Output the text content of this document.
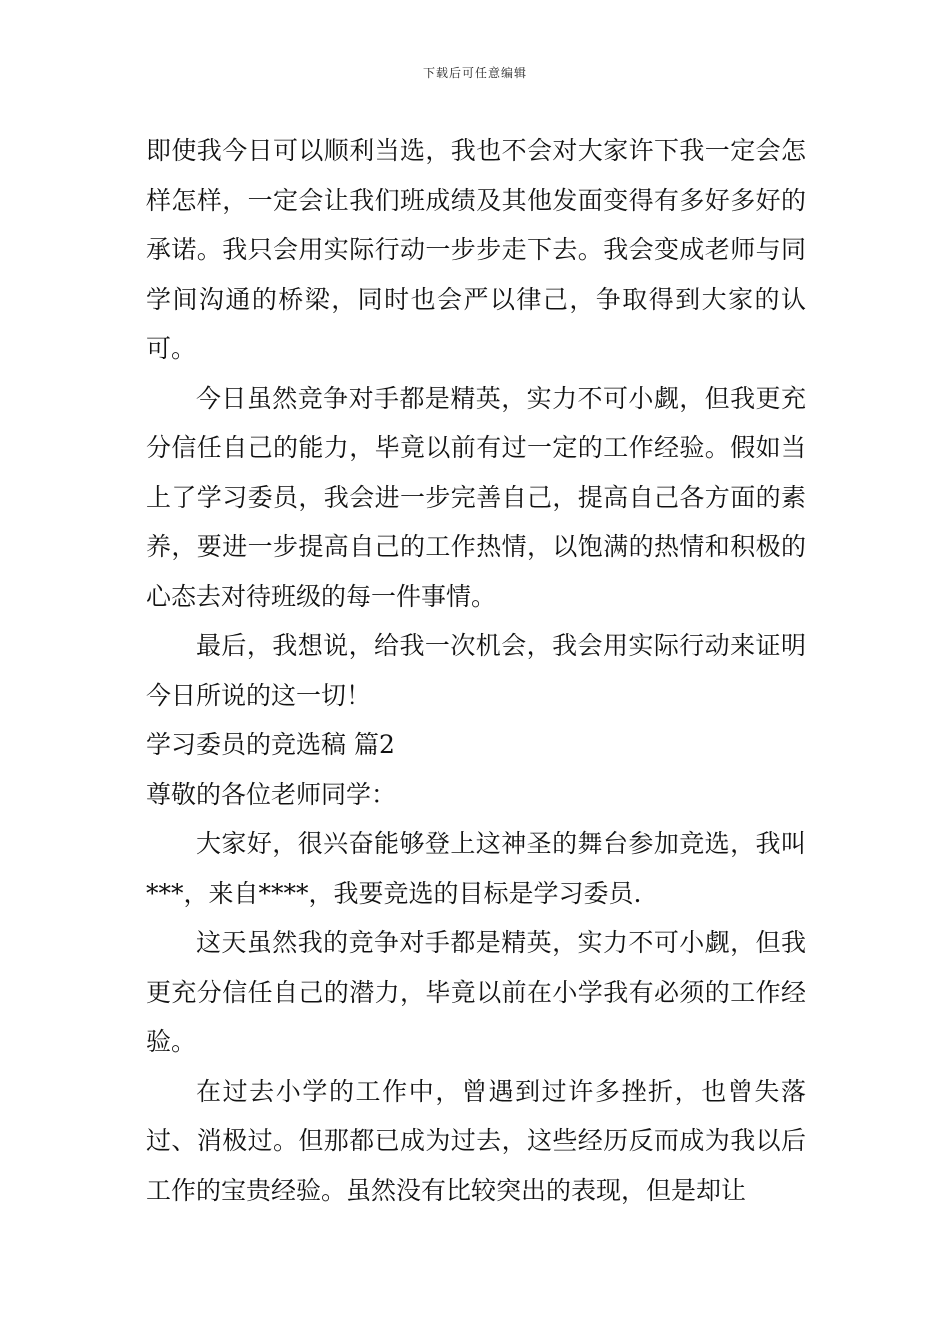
下载后可任意编辑

即使我今日可以顺利当选，我也不会对大家许下我一定会怎样怎样，一定会让我们班成绩及其他发面变得有多好多好的承诺。我只会用实际行动一步步走下去。我会变成老师与同学间沟通的桥梁，同时也会严以律己，争取得到大家的认可。

今日虽然竞争对手都是精英，实力不可小觑，但我更充分信任自己的能力，毕竟以前有过一定的工作经验。假如当上了学习委员，我会进一步完善自己，提高自己各方面的素养，要进一步提高自己的工作热情，以饱满的热情和积极的心态去对待班级的每一件事情。

最后，我想说，给我一次机会，我会用实际行动来证明今日所说的这一切！

学习委员的竞选稿 篇2

尊敬的各位老师同学：

大家好，很兴奋能够登上这神圣的舞台参加竞选，我叫***，来自****，我要竞选的目标是学习委员.

这天虽然我的竞争对手都是精英，实力不可小觑，但我更充分信任自己的潜力，毕竟以前在小学我有必须的工作经验。

在过去小学的工作中，曾遇到过许多挫折，也曾失落过、消极过。但那都已成为过去，这些经历反而成为我以后工作的宝贵经验。虽然没有比较突出的表现，但是却让
